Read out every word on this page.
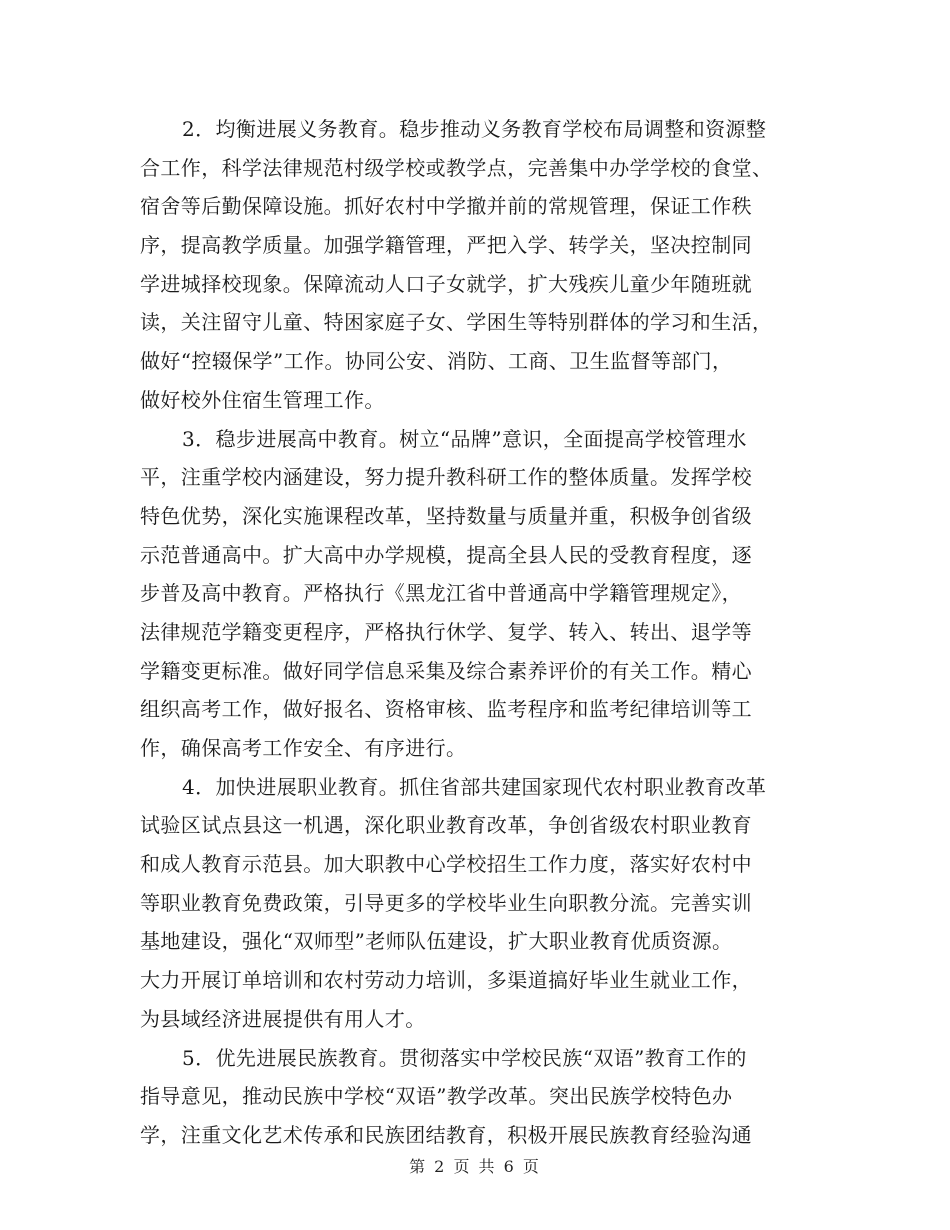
2．均衡进展义务教育。稳步推动义务教育学校布局调整和资源整
合工作，科学法律规范村级学校或教学点，完善集中办学学校的食堂、
宿舍等后勤保障设施。抓好农村中学撤并前的常规管理，保证工作秩
序，提高教学质量。加强学籍管理，严把入学、转学关，坚决控制同
学进城择校现象。保障流动人口子女就学，扩大残疾儿童少年随班就
读，关注留守儿童、特困家庭子女、学困生等特别群体的学习和生活，
做好“控辍保学”工作。协同公安、消防、工商、卫生监督等部门，
做好校外住宿生管理工作。
3．稳步进展高中教育。树立“品牌”意识，全面提高学校管理水
平，注重学校内涵建设，努力提升教科研工作的整体质量。发挥学校
特色优势，深化实施课程改革，坚持数量与质量并重，积极争创省级
示范普通高中。扩大高中办学规模，提高全县人民的受教育程度，逐
步普及高中教育。严格执行《黑龙江省中普通高中学籍管理规定》，
法律规范学籍变更程序，严格执行休学、复学、转入、转出、退学等
学籍变更标准。做好同学信息采集及综合素养评价的有关工作。精心
组织高考工作，做好报名、资格审核、监考程序和监考纪律培训等工
作，确保高考工作安全、有序进行。
4．加快进展职业教育。抓住省部共建国家现代农村职业教育改革
试验区试点县这一机遇，深化职业教育改革，争创省级农村职业教育
和成人教育示范县。加大职教中心学校招生工作力度，落实好农村中
等职业教育免费政策，引导更多的学校毕业生向职教分流。完善实训
基地建设，强化“双师型”老师队伍建设，扩大职业教育优质资源。
大力开展订单培训和农村劳动力培训，多渠道搞好毕业生就业工作，
为县域经济进展提供有用人才。
5．优先进展民族教育。贯彻落实中学校民族“双语”教育工作的
指导意见，推动民族中学校“双语”教学改革。突出民族学校特色办
学，注重文化艺术传承和民族团结教育，积极开展民族教育经验沟通
第 2 页 共 6 页
